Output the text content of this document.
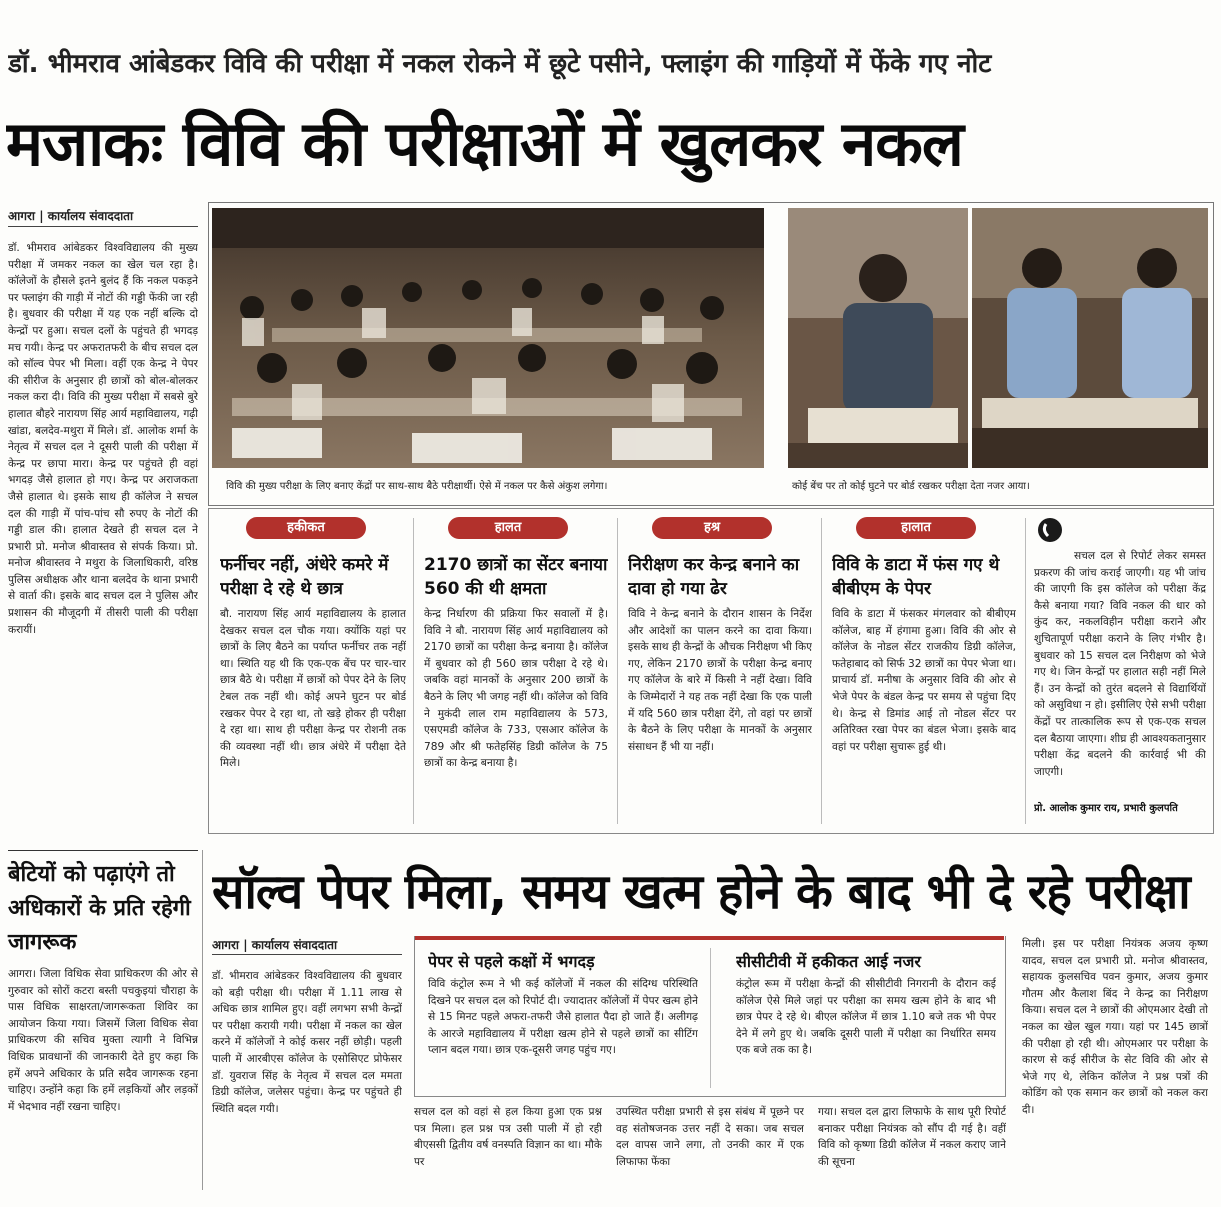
डॉ. भीमराव आंबेडकर विवि की परीक्षा में नकल रोकने में छूटे पसीने, फ्लाइंग की गाड़ियों में फेंके गए नोट
मजाकः विवि की परीक्षाओं में खुलकर नकल
आगरा | कार्यालय संवाददाता
डॉ. भीमराव आंबेडकर विश्वविद्यालय की मुख्य परीक्षा में जमकर नकल का खेल चल रहा है। कॉलेजों के हौसले इतने बुलंद हैं कि नकल पकड़ने पर फ्लाइंग की गाड़ी में नोटों की गड्डी फेंकी जा रही है। बुधवार की परीक्षा में यह एक नहीं बल्कि दो केन्द्रों पर हुआ। सचल दलों के पहुंचते ही भगदड़ मच गयी। केन्द्र पर अफरातफरी के बीच सचल दल को सॉल्व पेपर भी मिला। वहीं एक केन्द्र ने पेपर की सीरीज के अनुसार ही छात्रों को बोल-बोलकर नकल करा दी। विवि की मुख्य परीक्षा में सबसे बुरे हालात बौहरे नारायण सिंह आर्य महाविद्यालय, गढ़ी खांडा, बलदेव-मथुरा में मिले। डॉ. आलोक शर्मा के नेतृत्व में सचल दल ने दूसरी पाली की परीक्षा में केन्द्र पर छापा मारा। केन्द्र पर पहुंचते ही वहां भगदड़ जैसे हालात हो गए। केन्द्र पर अराजकता जैसे हालात थे। इसके साथ ही कॉलेज ने सचल दल की गाड़ी में पांच-पांच सौ रुपए के नोटों की गड्डी डाल की। हालात देखते ही सचल दल ने प्रभारी प्रो. मनोज श्रीवास्तव से संपर्क किया। प्रो. मनोज श्रीवास्तव ने मथुरा के जिलाधिकारी, वरिष्ठ पुलिस अधीक्षक और थाना बलदेव के थाना प्रभारी से वार्ता की। इसके बाद सचल दल ने पुलिस और प्रशासन की मौजूदगी में तीसरी पाली की परीक्षा करायीं।
विवि की मुख्य परीक्षा के लिए बनाए केंद्रों पर साथ-साथ बैठे परीक्षार्थी। ऐसे में नकल पर कैसे अंकुश लगेगा।	कोई बेंच पर तो कोई घुटने पर बोर्ड रखकर परीक्षा देता नजर आया।
हकीकत
फर्नीचर नहीं, अंधेरे कमरे में परीक्षा दे रहे थे छात्र
बौ. नारायण सिंह आर्य महाविद्यालय के हालात देखकर सचल दल चौक गया। क्योंकि यहां पर छात्रों के लिए बैठने का पर्याप्त फर्नीचर तक नहीं था। स्थिति यह थी कि एक-एक बेंच पर चार-चार छात्र बैठे थे। परीक्षा में छात्रों को पेपर देने के लिए टेबल तक नहीं थी। कोई अपने घुटन पर बोर्ड रखकर पेपर दे रहा था, तो खड़े होकर ही परीक्षा दे रहा था। साथ ही परीक्षा केन्द्र पर रोशनी तक की व्यवस्था नहीं थी। छात्र अंधेरे में परीक्षा देते मिले।
हालत
2170 छात्रों का सेंटर बनाया 560 की थी क्षमता
केन्द्र निर्धारण की प्रक्रिया फिर सवालों में है। विवि ने बौ. नारायण सिंह आर्य महाविद्यालय को 2170 छात्रों का परीक्षा केन्द्र बनाया है। कॉलेज में बुधवार को ही 560 छात्र परीक्षा दे रहे थे। जबकि वहां मानकों के अनुसार 200 छात्रों के बैठने के लिए भी जगह नहीं थी। कॉलेज को विवि ने मुकंदी लाल राम महाविद्यालय के 573, एसएमडी कॉलेज के 733, एसआर कॉलेज के 789 और श्री फतेहसिंह डिग्री कॉलेज के 75 छात्रों का केन्द्र बनाया है।
हश्र
निरीक्षण कर केन्द्र बनाने का दावा हो गया ढेर
विवि ने केन्द्र बनाने के दौरान शासन के निर्देश और आदेशों का पालन करने का दावा किया। इसके साथ ही केन्द्रों के औचक निरीक्षण भी किए गए, लेकिन 2170 छात्रों के परीक्षा केन्द्र बनाए गए कॉलेज के बारे में किसी ने नहीं देखा। विवि के जिम्मेदारों ने यह तक नहीं देखा कि एक पाली में यदि 560 छात्र परीक्षा देंगे, तो वहां पर छात्रों के बैठने के लिए परीक्षा के मानकों के अनुसार संसाधन हैं भी या नहीं।
हालात
विवि के डाटा में फंस गए थे बीबीएम के पेपर
विवि के डाटा में फंसकर मंगलवार को बीबीएम कॉलेज, बाह में हंगामा हुआ। विवि की ओर से कॉलेज के नोडल सेंटर राजकीय डिग्री कॉलेज, फतेहाबाद को सिर्फ 32 छात्रों का पेपर भेजा था। प्राचार्य डॉ. मनीषा के अनुसार विवि की ओर से भेजे पेपर के बंडल केन्द्र पर समय से पहुंचा दिए थे। केन्द्र से डिमांड आई तो नोडल सेंटर पर अतिरिक्त रखा पेपर का बंडल भेजा। इसके बाद वहां पर परीक्षा सुचारू हुई थी।
सचल दल से रिपोर्ट लेकर समस्त प्रकरण की जांच कराई जाएगी। यह भी जांच की जाएगी कि इस कॉलेज को परीक्षा केंद्र कैसे बनाया गया? विवि नकल की धार को कुंद कर, नकलविहीन परीक्षा कराने और शुचितापूर्ण परीक्षा कराने के लिए गंभीर है। बुधवार को 15 सचल दल निरीक्षण को भेजे गए थे। जिन केन्द्रों पर हालात सही नहीं मिले हैं। उन केन्द्रों को तुरंत बदलने से विद्यार्थियों को असुविधा न हो। इसीलिए ऐसे सभी परीक्षा केंद्रों पर तात्कालिक रूप से एक-एक सचल दल बैठाया जाएगा। शीघ्र ही आवश्यकतानुसार परीक्षा केंद्र बदलने की कार्रवाई भी की जाएगी।
प्रो. आलोक कुमार राय, प्रभारी कुलपति
बेटियों को पढ़ाएंगे तो अधिकारों के प्रति रहेगी जागरूक
आगरा। जिला विधिक सेवा प्राधिकरण की ओर से गुरुवार को सोरों कटरा बस्ती पचकुइयां चौराहा के पास विधिक साक्षरता/जागरूकता शिविर का आयोजन किया गया। जिसमें जिला विधिक सेवा प्राधिकरण की सचिव मुक्ता त्यागी ने विभिन्न विधिक प्रावधानों की जानकारी देते हुए कहा कि हमें अपने अधिकार के प्रति सदैव जागरूक रहना चाहिए। उन्होंने कहा कि हमें लड़कियों और लड़कों में भेदभाव नहीं रखना चाहिए।
सॉल्व पेपर मिला, समय खत्म होने के बाद भी दे रहे परीक्षा
आगरा | कार्यालय संवाददाता
डॉ. भीमराव आंबेडकर विश्वविद्यालय की बुधवार को बड़ी परीक्षा थी। परीक्षा में 1.11 लाख से अधिक छात्र शामिल हुए। वहीं लगभग सभी केन्द्रों पर परीक्षा करायी गयी। परीक्षा में नकल का खेल करने में कॉलेजों ने कोई कसर नहीं छोड़ी। पहली पाली में आरबीएस कॉलेज के एसोसिएट प्रोफेसर डॉ. युवराज सिंह के नेतृत्व में सचल दल ममता डिग्री कॉलेज, जलेसर पहुंचा। केन्द्र पर पहुंचते ही स्थिति बदल गयी।
पेपर से पहले कक्षों में भगदड़
विवि कंट्रोल रूम ने भी कई कॉलेजों में नकल की संदिग्ध परिस्थिति दिखने पर सचल दल को रिपोर्ट दी। ज्यादातर कॉलेजों में पेपर खत्म होने से 15 मिनट पहले अफरा-तफरी जैसे हालात पैदा हो जाते हैं। अलीगढ़ के आरजे महाविद्यालय में परीक्षा खत्म होने से पहले छात्रों का सीटिंग प्लान बदल गया। छात्र एक-दूसरी जगह पहुंच गए।
सीसीटीवी में हकीकत आई नजर
कंट्रोल रूम में परीक्षा केन्द्रों की सीसीटीवी निगरानी के दौरान कई कॉलेज ऐसे मिले जहां पर परीक्षा का समय खत्म होने के बाद भी छात्र पेपर दे रहे थे। बीएल कॉलेज में छात्र 1.10 बजे तक भी पेपर देने में लगे हुए थे। जबकि दूसरी पाली में परीक्षा का निर्धारित समय एक बजे तक का है।
सचल दल को वहां से हल किया हुआ एक प्रश्न पत्र मिला। हल प्रश्न पत्र उसी पाली में हो रही बीएससी द्वितीय वर्ष वनस्पति विज्ञान का था। मौके पर
उपस्थित परीक्षा प्रभारी से इस संबंध में पूछने पर वह संतोषजनक उत्तर नहीं दे सका। जब सचल दल वापस जाने लगा, तो उनकी कार में एक लिफाफा फेंका
गया। सचल दल द्वारा लिफाफे के साथ पूरी रिपोर्ट बनाकर परीक्षा नियंत्रक को सौंप दी गई है। वहीं विवि को कृष्णा डिग्री कॉलेज में नकल कराए जाने की सूचना
मिली। इस पर परीक्षा नियंत्रक अजय कृष्ण यादव, सचल दल प्रभारी प्रो. मनोज श्रीवास्तव, सहायक कुलसचिव पवन कुमार, अजय कुमार गौतम और कैलाश बिंद ने केन्द्र का निरीक्षण किया। सचल दल ने छात्रों की ओएमआर देखी तो नकल का खेल खुल गया। यहां पर 145 छात्रों की परीक्षा हो रही थी। ओएमआर पर परीक्षा के कारण से कई सीरीज के सेट विवि की ओर से भेजे गए थे, लेकिन कॉलेज ने प्रश्न पत्रों की कोडिंग को एक समान कर छात्रों को नकल करा दी।
